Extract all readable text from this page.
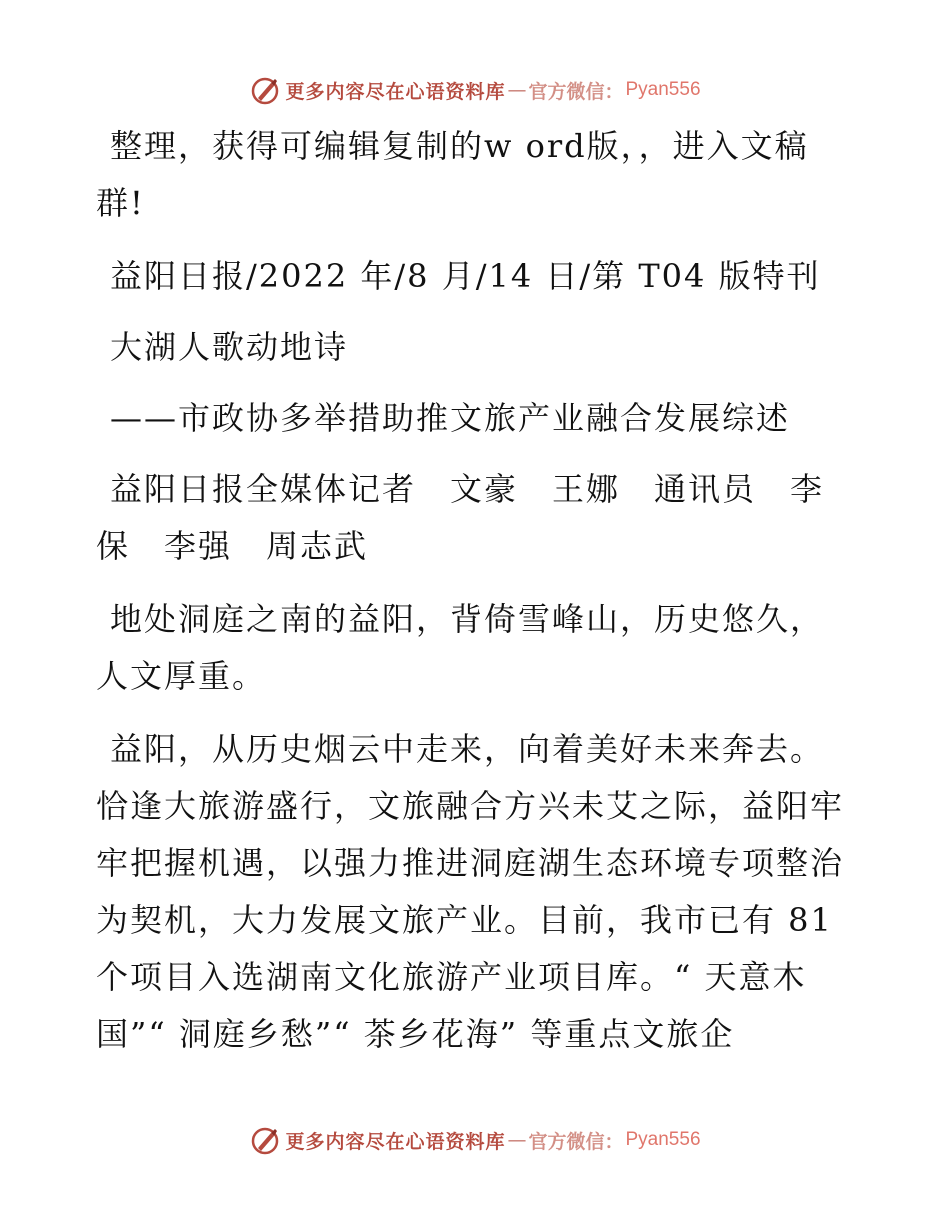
更多内容尽在心语资料库 — 官方微信： Pyan556

整理，获得可编辑复制的w ord版，，进入文稿群!

益阳日报/2022 年/8 月/14 日/第 T04 版特刊

大湖人歌动地诗

——市政协多举措助推文旅产业融合发展综述

益阳日报全媒体记者　文豪　王娜　通讯员　李保　李强　周志武

地处洞庭之南的益阳，背倚雪峰山，历史悠久，人文厚重。

益阳，从历史烟云中走来，向着美好未来奔去。恰逢大旅游盛行，文旅融合方兴未艾之际，益阳牢牢把握机遇，以强力推进洞庭湖生态环境专项整治为契机，大力发展文旅产业。目前，我市已有 81 个项目入选湖南文化旅游产业项目库。“ 天意木国”“ 洞庭乡愁”“ 茶乡花海” 等重点文旅企

更多内容尽在心语资料库 — 官方微信： Pyan556
